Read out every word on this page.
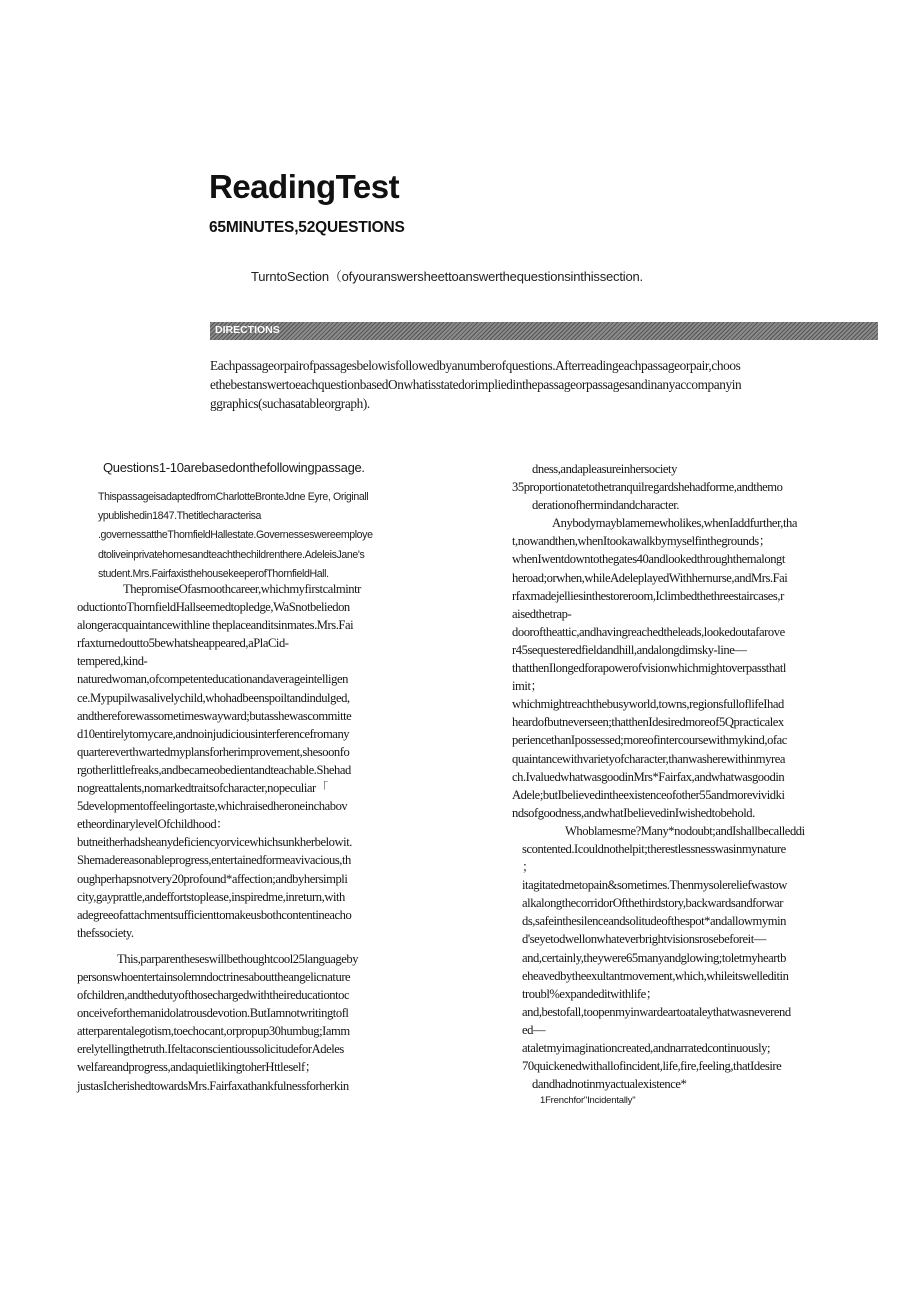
ReadingTest
65MINUTES,52QUESTIONS
TurntoSection（ofyouranswersheettoanswerthequestionsinthissection.
DIRECTIONS
Eachpassageorpairofpassagesbelowisfollowedbyanumberofquestions.Afterreadingeachpassageorpair,choos
ethebestanswertoeachquestionbasedOnwhatisstatedorimpliedinthepassageorpassagesandinanyaccompanyin
ggraphics(suchasatableorgraph).
Questions1-10arebasedonthefollowingpassage.
ThispassageisadaptedfromCharlotteBronteJdne Eyre, Originall
ypublishedin1847.Thetitlecharacterisa
.governessattheThomfieldHallestate.Governesseswereemploye
dtoliveinprivatehomesandteachthechildrenthere.AdeleisJane's
student.Mrs.FairfaxisthehousekeeperofThornfieldHall.
ThepromiseOfasmoothcareer,whichmyfirstcalmintr
oductiontoThornfieldHallseemedtopledge,WaSnotbeliedon
alongeracquaintancewithline theplaceanditsinmates.Mrs.Fai
rfaxturnedoutto5bewhatsheappeared,aPlaCid-
tempered,kind-
naturedwoman,ofcompetenteducationandaverageintelligen
ce.Mypupilwasalivelychild,whohadbeenspoiltandindulged,
andthereforewassometimeswayward;butasshewascommitte
d10entirelytomycare,andnoinjudiciousinterferencefromany
quartereverthwartedmyplansforherimprovement,shesoonfo
rgotherlittlefreaks,andbecameobedientandteachable.Shehad
nogreattalents,nomarkedtraitsofcharacter,nopeculiar「
5developmentoffeelingortaste,whichraisedheroneinchabov
etheordinarylevelOfchildhood：
butneitherhadsheanydeficiencyorvicewhichsunkherbelowit.
Shemadereasonableprogress,entertainedformeavivacious,th
oughperhapsnotvery20profound*affection;andbyhersimpli
city,gayprattle,andeffortstoplease,inspiredme,inreturn,with
adegreeofattachmentsufficienttomakeusbothcontentineacho
thefssociety.
This,parparentheseswillbethoughtcool25languageby
personswhoentertainsolemndoctrinesabouttheangelicnature
ofchildren,andthedutyofthosechargedwiththeireducationtoc
onceiveforthemanidolatrousdevotion.ButIamnotwritingtofl
atterparentalegotism,toechocant,orpropup30humbug;Iamm
erelytellingthetruth.IfeltaconscientioussolicitudeforAdeles
welfareandprogress,andaquietlikingtoherHttleself；
justasIcherishedtowardsMrs.Fairfaxathankfulnessforherkin
dness,andapleasureinhersociety
35proportionatetothetranquilregardshehadforme,andthemo
derationofhermindandcharacter.
Anybodymayblamemewholikes,whenIaddfurther,tha
t,nowandthen,whenItookawalkbymyselfinthegrounds；
whenIwentdowntothegates40andlookedthroughthemalongt
heroad;orwhen,whileAdeleplayedWithhernurse,andMrs.Fai
rfaxmadejelliesinthestoreroom,Iclimbedthethreestaircases,r
aisedthetrap-
dooroftheattic,andhavingreachedtheleads,lookedoutafarove
r45sequesteredfieldandhill,andalongdimsky-line—
thatthenIlongedforapowerofvisionwhichmightoverpassthatl
imit；
whichmightreachthebusyworld,towns,regionsfulloflifeIhad
heardofbutneverseen;thatthenIdesiredmoreof5Qpracticalex
periencethanIpossessed;moreofintercoursewithmykind,ofac
quaintancewithvarietyofcharacter,thanwasherewithinmyrea
ch.IvaluedwhatwasgoodinMrs*Fairfax,andwhatwasgoodin
Adele;butIbelievedintheexistenceofother55andmorevividki
ndsofgoodness,andwhatIbelievedinIwishedtobehold.
Whoblamesme?Many*nodoubt;andIshallbecalleddi
scontented.Icouldnothelpit;therestlessnesswasinmynature
；
itagitatedmetopain&sometimes.Thenmysolereliefwastow
alkalongthecorridorOfthethirdstory,backwardsandforwar
ds,safeinthesilenceandsolitudeofthespot*andallowmymin
d'seyetodwellonwhateverbrightvisionsrosebeforeit—
and,certainly,theywere65manyandglowing;toletmyheartb
eheavedbytheexultantmovement,which,whileitswelleditin
troubl%expandeditwithlife；
and,bestofall,toopenmyinwardeartoataleythatwasneverend
ed—
ataletmyimaginationcreated,andnarratedcontinuously;
70quickenedwithallofincident,life,fire,feeling,thatIdesire
dandhadnotinmyactualexistence*
1Frenchfor"Incidentally"
